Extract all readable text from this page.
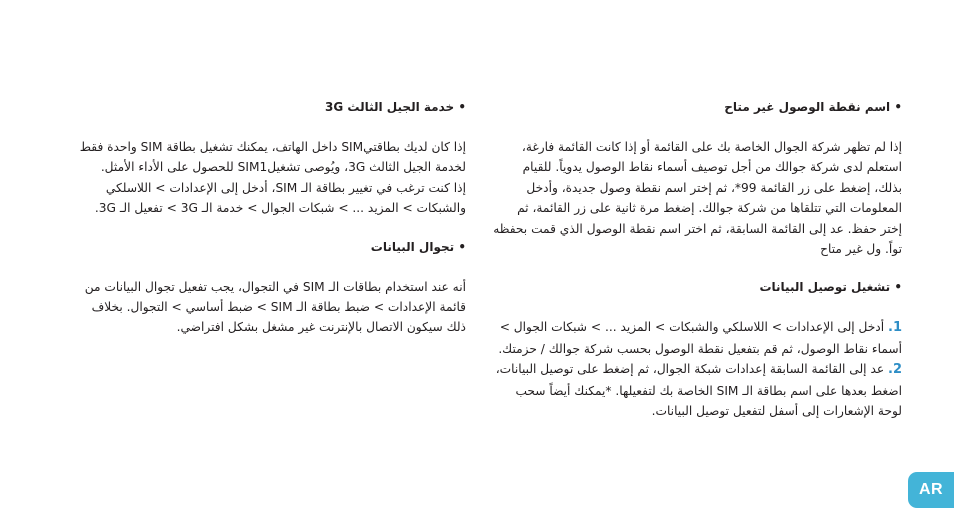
• اسم نقطة الوصول غير متاح

إذا لم تظهر شركة الجوال الخاصة بك على القائمة أو إذا كانت القائمة فارغة،
استعلم لدى شركة جوالك من أجل توصيف أسماء نقاط الوصول يدوياً. للقيام
بذلك، إضغط على زر القائمة 99*، ثم إختر اسم نقطة وصول جديدة، وأدخل
المعلومات التي تتلقاها من شركة جوالك. إضغط مرة ثانية على زر القائمة، ثم
إختر حفظ. عد إلى القائمة السابقة، ثم اختر اسم نقطة الوصول الذي قمت بحفظه
تواً. ول غير متاح

• تشغيل توصيل البيانات

1. أدخل إلى الإعدادات > اللاسلكي والشبكات > المزيد ... > شبكات الجوال >
أسماء نقاط الوصول، ثم قم بتفعيل نقطة الوصول بحسب شركة جوالك / حزمتك.
2. عد إلى القائمة السابقة إعدادات شبكة الجوال، ثم إضغط على توصيل البيانات،
اضغط بعدها على اسم بطاقة الـ SIM الخاصة بك لتفعيلها. *يمكنك أيضاً سحب
لوحة الإشعارات إلى أسفل لتفعيل توصيل البيانات.

• خدمة الجيل الثالث 3G

إذا كان لديك بطاقتيSIM داخل الهاتف، يمكنك تشغيل بطاقة SIM واحدة فقط
لخدمة الجيل الثالث 3G، ويُوصى تشغيلSIM1 للحصول على الأداء الأمثل.
إذا كنت ترغب في تغيير بطاقة الـ SIM، أدخل إلى الإعدادات > اللاسلكي
والشبكات > المزيد ... > شبكات الجوال > خدمة الـ 3G > تفعيل الـ 3G.

• تجوال البيانات

أنه عند استخدام بطاقات الـ SIM في التجوال، يجب تفعيل تجوال البيانات من
قائمة الإعدادات > ضبط بطاقة الـ SIM > ضبط أساسي > التجوال. بخلاف
ذلك سيكون الاتصال بالإنترنت غير مشغل بشكل افتراضي.
AR
